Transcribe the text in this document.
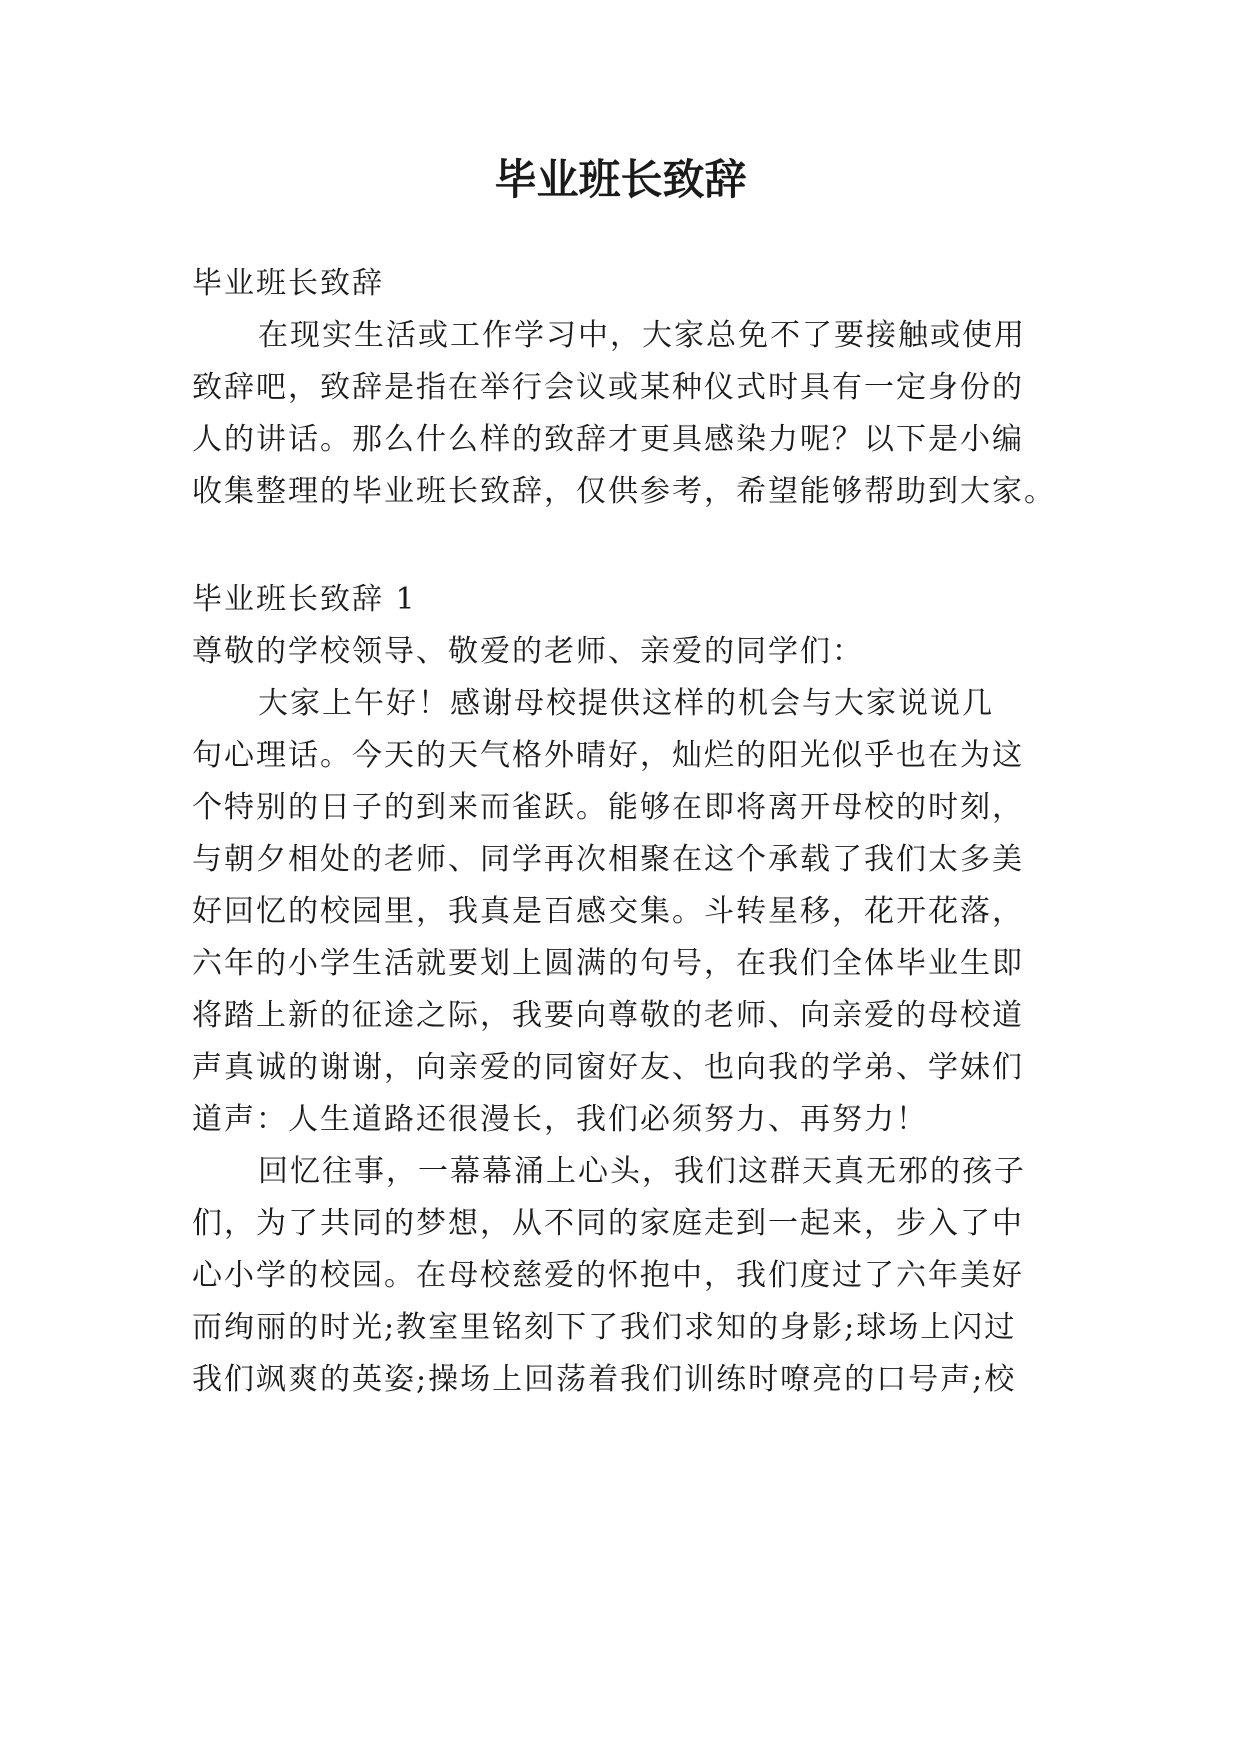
毕业班长致辞
毕业班长致辞
在现实生活或工作学习中，大家总免不了要接触或使用
致辞吧，致辞是指在举行会议或某种仪式时具有一定身份的
人的讲话。那么什么样的致辞才更具感染力呢？以下是小编
收集整理的毕业班长致辞，仅供参考，希望能够帮助到大家。
毕业班长致辞 1
尊敬的学校领导、敬爱的老师、亲爱的同学们：
大家上午好！感谢母校提供这样的机会与大家说说几
句心理话。今天的天气格外晴好，灿烂的阳光似乎也在为这
个特别的日子的到来而雀跃。能够在即将离开母校的时刻，
与朝夕相处的老师、同学再次相聚在这个承载了我们太多美
好回忆的校园里，我真是百感交集。斗转星移，花开花落，
六年的小学生活就要划上圆满的句号，在我们全体毕业生即
将踏上新的征途之际，我要向尊敬的老师、向亲爱的母校道
声真诚的谢谢，向亲爱的同窗好友、也向我的学弟、学妹们
道声：人生道路还很漫长，我们必须努力、再努力！
回忆往事，一幕幕涌上心头，我们这群天真无邪的孩子
们，为了共同的梦想，从不同的家庭走到一起来，步入了中
心小学的校园。在母校慈爱的怀抱中，我们度过了六年美好
而绚丽的时光;教室里铭刻下了我们求知的身影;球场上闪过
我们飒爽的英姿;操场上回荡着我们训练时嘹亮的口号声;校
